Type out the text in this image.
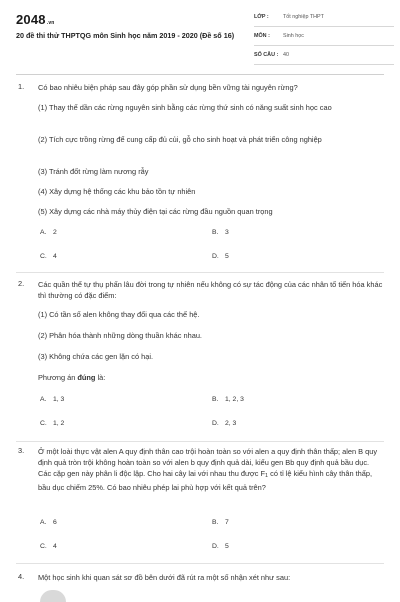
2048.vn
20 đề thi thử THPTQG môn Sinh học năm 2019 - 2020 (Đề số 16)
LỚP :	Tốt nghiệp THPT
MÔN : Sinh học
SỐ CÂU : 40
1. Có bao nhiêu biện pháp sau đây góp phần sử dụng bền vững tài nguyên rừng?
(1) Thay thế dần các rừng nguyên sinh bằng các rừng thứ sinh có năng suất sinh học cao
(2) Tích cực trồng rừng để cung cấp đủ củi, gỗ cho sinh hoạt và phát triển công nghiệp
(3) Tránh đốt rừng làm nương rẫy
(4) Xây dựng hệ thống các khu bảo tồn tự nhiên
(5) Xây dựng các nhà máy thủy điện tại các rừng đầu nguồn quan trọng
A. 2	B. 3
C. 4	D. 5
2. Các quần thể tự thụ phấn lâu đời trong tự nhiên nếu không có sự tác động của các nhân tố tiến hóa khác thì thường có đặc điểm:
(1) Có tần số alen không thay đổi qua các thế hệ.
(2) Phân hóa thành những dòng thuần khác nhau.
(3) Không chứa các gen lặn có hại.
Phương án đúng là:
A. 1, 3	B. 1, 2, 3
C. 1, 2	D. 2, 3
3. Ở một loài thực vật alen A quy định thân cao trội hoàn toàn so với alen a quy định thân thấp; alen B quy định quả tròn trội không hoàn toàn so với alen b quy định quả dài, kiểu gen Bb quy định quả bầu dục. Các cặp gen này phân li độc lập. Cho hai cây lai với nhau thu được F1 có tỉ lệ kiểu hình cây thân thấp, bầu dục chiếm 25%. Có bao nhiêu phép lai phù hợp với kết quả trên?
A. 6	B. 7
C. 4	D. 5
4. Một học sinh khi quan sát sơ đồ bên dưới đã rút ra một số nhận xét như sau:
